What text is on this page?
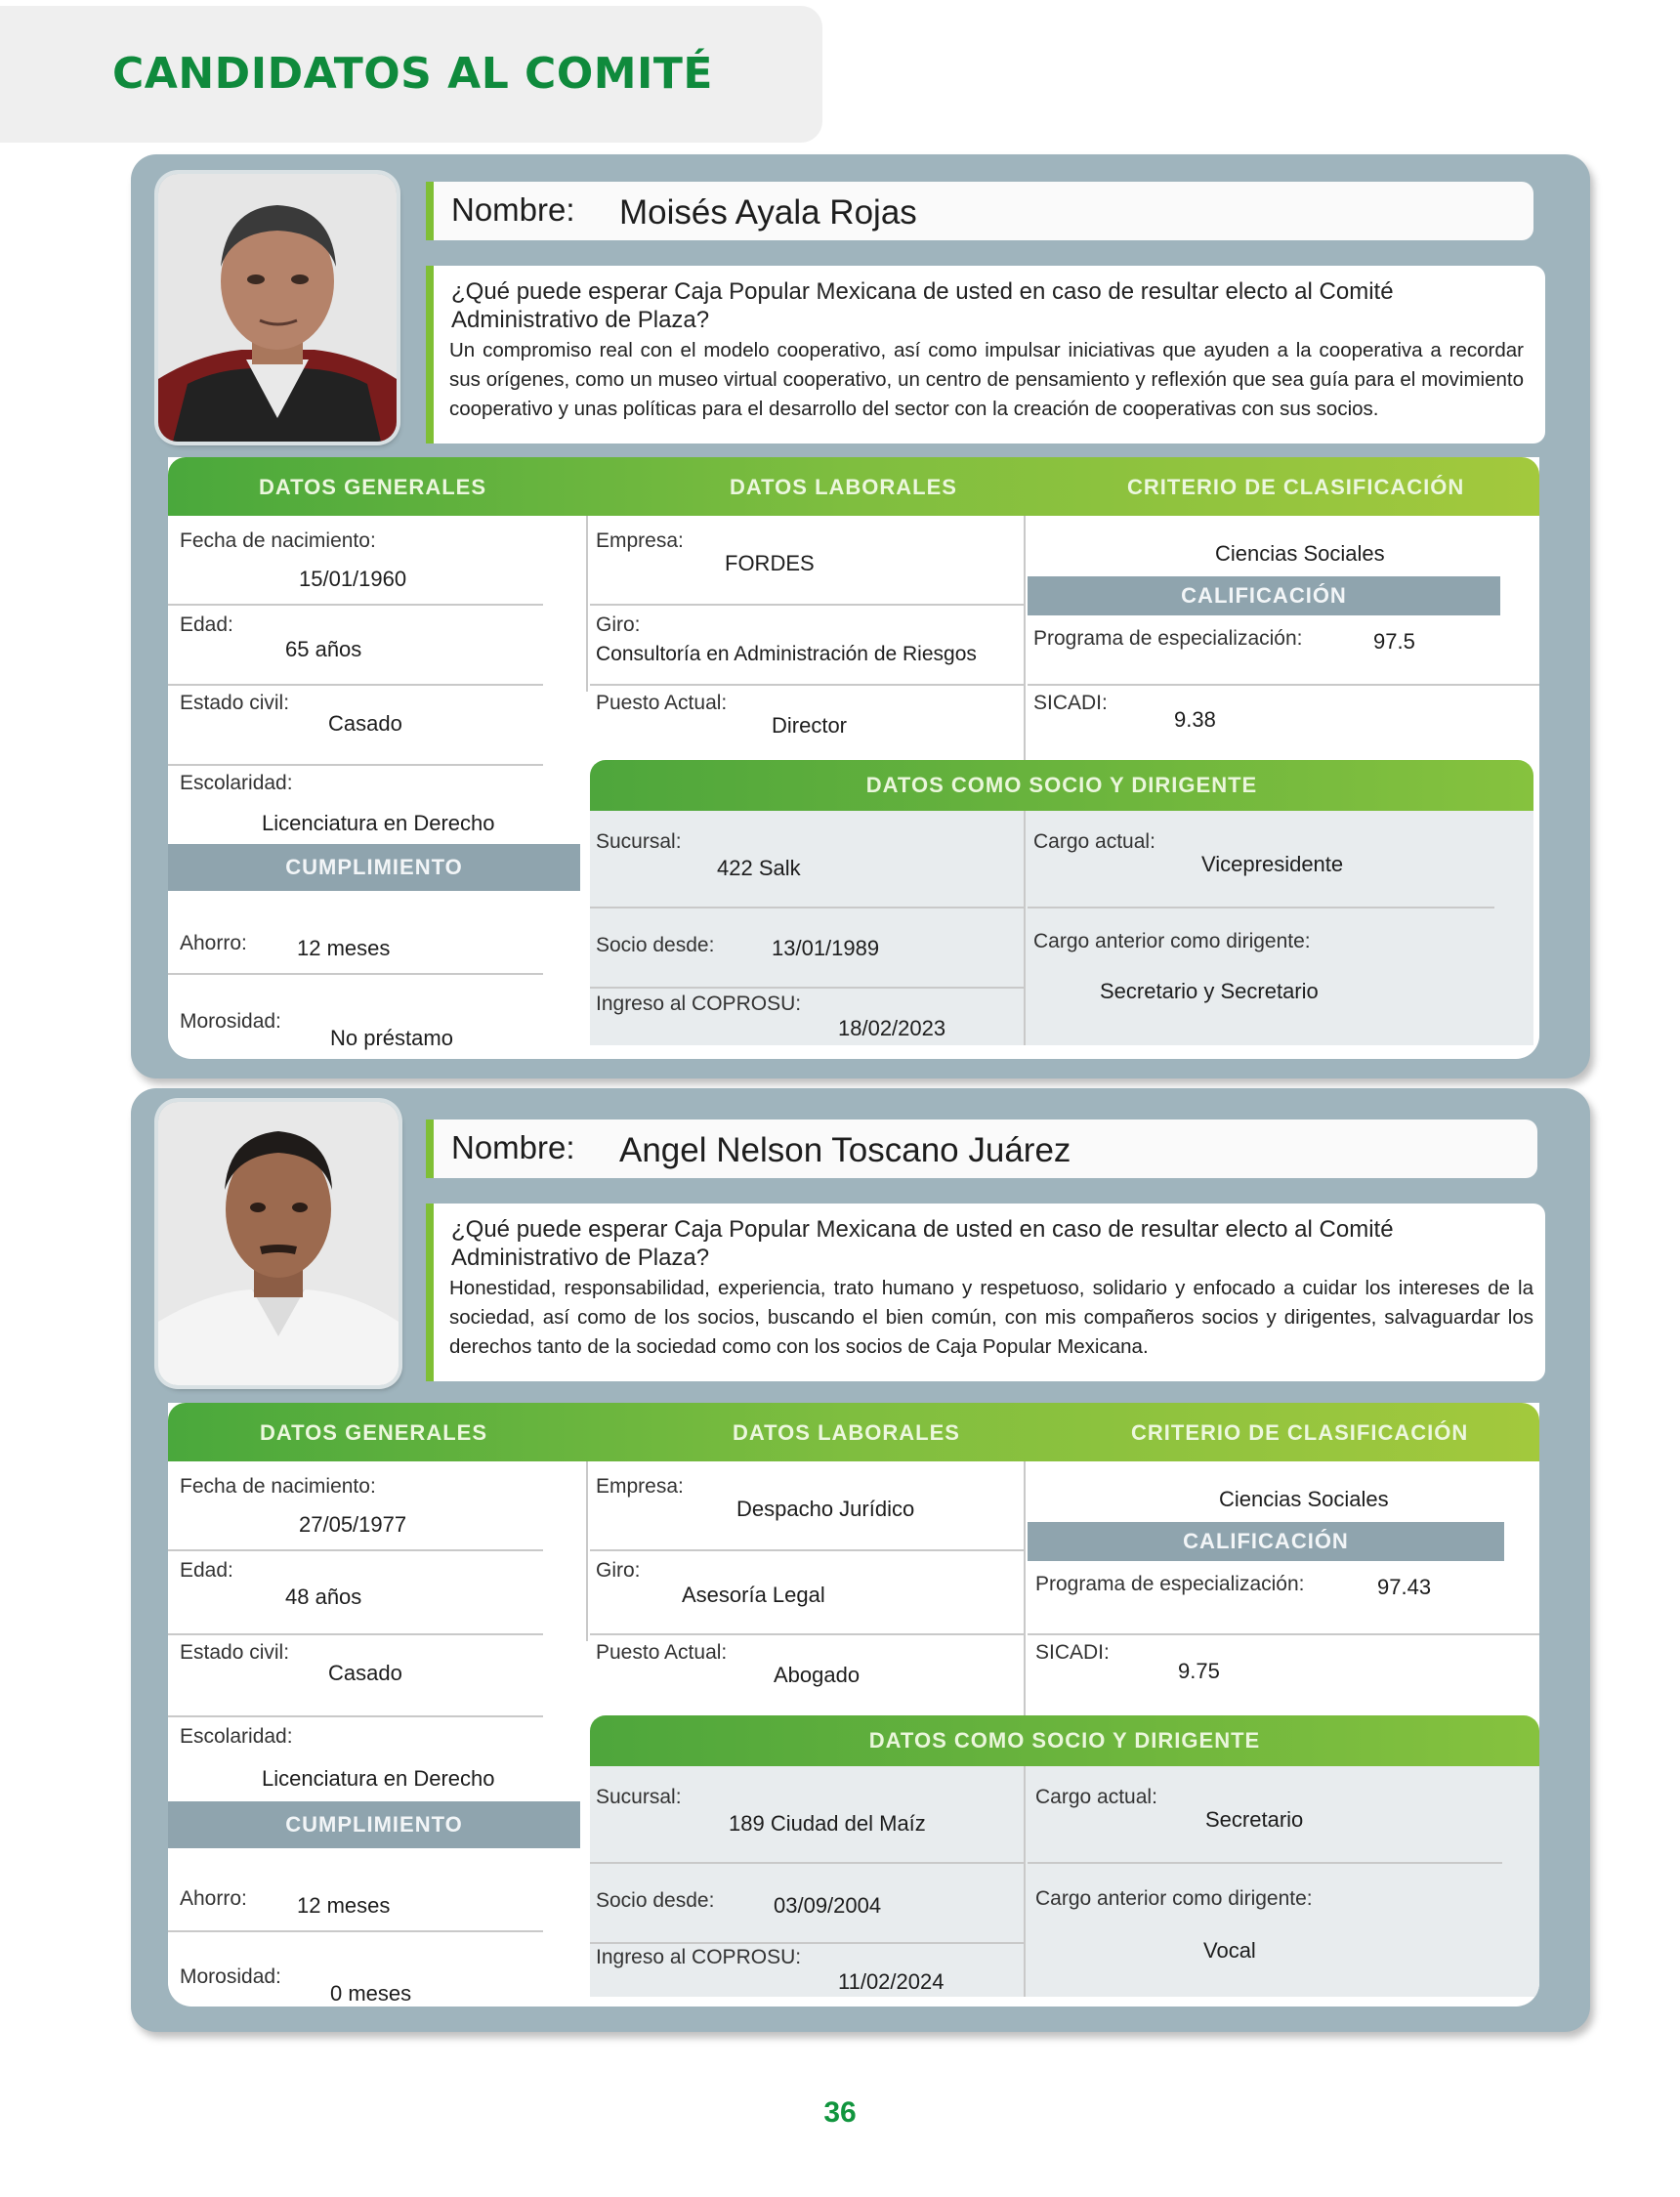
CANDIDATOS AL COMITÉ
Nombre: Moisés Ayala Rojas
¿Qué puede esperar Caja Popular Mexicana de usted en caso de resultar electo al Comité Administrativo de Plaza?
Un compromiso real con el modelo cooperativo, así como impulsar iniciativas que ayuden a la cooperativa a recordar sus orígenes, como un museo virtual cooperativo, un centro de pensamiento y reflexión que sea guía para el movimiento cooperativo y unas políticas para el desarrollo del sector con la creación de cooperativas con sus socios.
DATOS GENERALES	DATOS LABORALES	CRITERIO DE CLASIFICACIÓN
Fecha de nacimiento:
15/01/1960
Edad:
65 años
Estado civil:
Casado
Escolaridad:
Licenciatura en Derecho
CUMPLIMIENTO
Ahorro: 12 meses
Morosidad:
No préstamo
Empresa:
FORDES
Giro:
Consultoría en Administración de Riesgos
Puesto Actual:
Director
Ciencias Sociales
CALIFICACIÓN
Programa de especialización:	97.5
SICADI:
9.38
DATOS COMO SOCIO Y DIRIGENTE
Sucursal:
422 Salk
Socio desde:	13/01/1989
Ingreso al COPROSU:
18/02/2023
Cargo actual:
Vicepresidente
Cargo anterior como dirigente:
Secretario y Secretario
Nombre: Angel Nelson Toscano Juárez
¿Qué puede esperar Caja Popular Mexicana de usted en caso de resultar electo al Comité Administrativo de Plaza?
Honestidad, responsabilidad, experiencia, trato humano y respetuoso, solidario y enfocado a cuidar los intereses de la sociedad, así como de los socios, buscando el bien común, con mis compañeros socios y dirigentes, salvaguardar los derechos tanto de la sociedad como con los socios de Caja Popular Mexicana.
DATOS GENERALES	DATOS LABORALES	CRITERIO DE CLASIFICACIÓN
Fecha de nacimiento:
27/05/1977
Edad:
48 años
Estado civil:
Casado
Escolaridad:
Licenciatura en Derecho
CUMPLIMIENTO
Ahorro: 12 meses
Morosidad:
0 meses
Empresa:
Despacho Jurídico
Giro:
Asesoría Legal
Puesto Actual:
Abogado
Ciencias Sociales
CALIFICACIÓN
Programa de especialización:	97.43
SICADI:
9.75
DATOS COMO SOCIO Y DIRIGENTE
Sucursal:
189 Ciudad del Maíz
Socio desde:	03/09/2004
Ingreso al COPROSU:
11/02/2024
Cargo actual:
Secretario
Cargo anterior como dirigente:
Vocal
36
